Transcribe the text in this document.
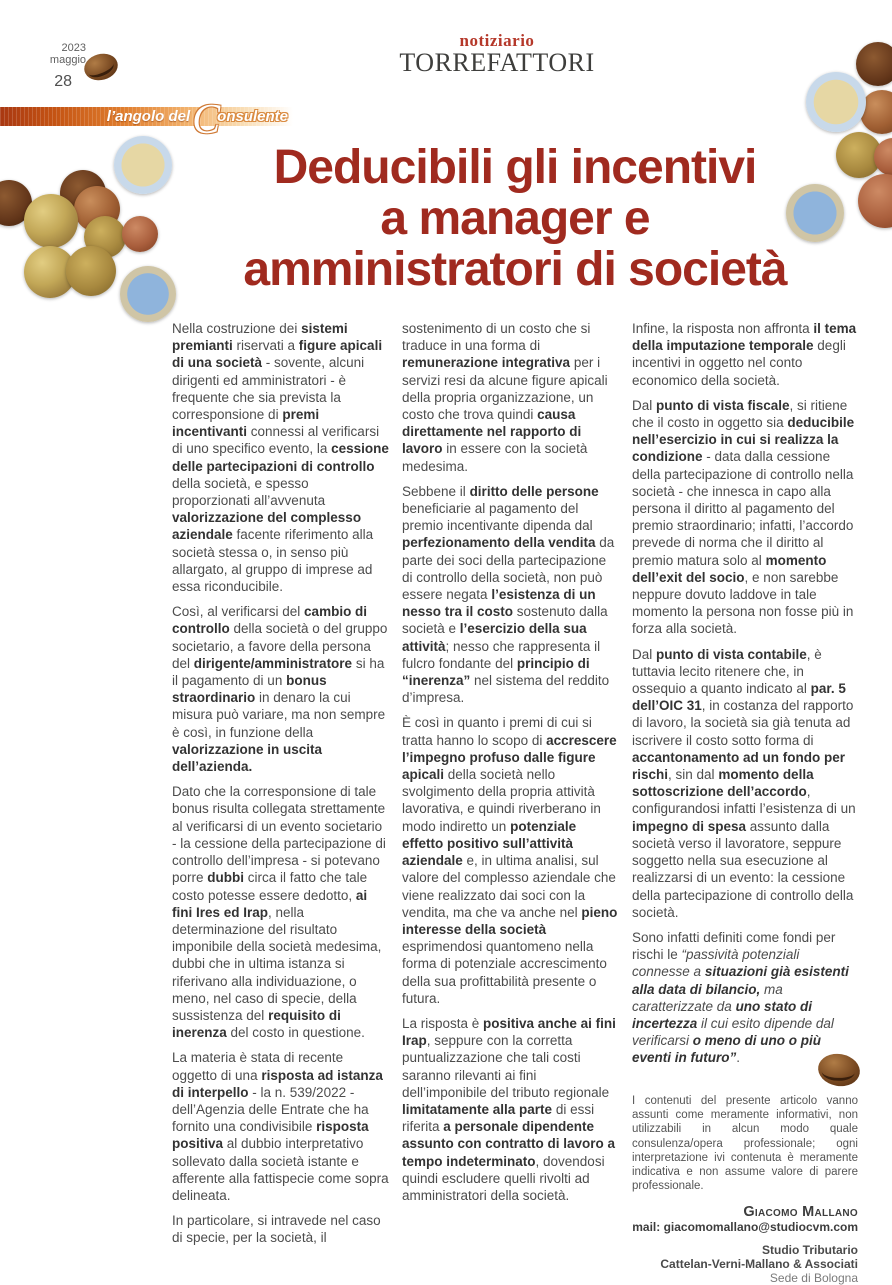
2023
maggio
28
notiziario
TORREFATTORI
l’angolo del C
onsulente
Deducibili gli incentivi
a manager e
amministratori di società

Nella costruzione dei sistemi premianti riservati a figure apicali di una società - sovente, alcuni dirigenti ed amministratori - è frequente che sia prevista la corresponsione di premi incentivanti connessi al verificarsi di uno specifico evento, la cessione delle partecipazioni di controllo della società, e spesso proporzionati all’avvenuta valorizzazione del complesso aziendale facente riferimento alla società stessa o, in senso più allargato, al gruppo di imprese ad essa riconducibile.

Così, al verificarsi del cambio di controllo della società o del gruppo societario, a favore della persona del dirigente/amministratore si ha il pagamento di un bonus straordinario in denaro la cui misura può variare, ma non sempre è così, in funzione della valorizzazione in uscita dell’azienda.

Dato che la corresponsione di tale bonus risulta collegata strettamente al verificarsi di un evento societario - la cessione della partecipazione di controllo dell’impresa - si potevano porre dubbi circa il fatto che tale costo potesse essere dedotto, ai fini Ires ed Irap, nella determinazione del risultato imponibile della società medesima, dubbi che in ultima istanza si riferivano alla individuazione, o meno, nel caso di specie, della sussistenza del requisito di inerenza del costo in questione.

La materia è stata di recente oggetto di una risposta ad istanza di interpello - la n. 539/2022 - dell’Agenzia delle Entrate che ha fornito una condivisibile risposta positiva al dubbio interpretativo sollevato dalla società istante e afferente alla fattispecie come sopra delineata.

In particolare, si intravede nel caso di specie, per la società, il

sostenimento di un costo che si traduce in una forma di remunerazione integrativa per i servizi resi da alcune figure apicali della propria organizzazione, un costo che trova quindi causa direttamente nel rapporto di lavoro in essere con la società medesima.

Sebbene il diritto delle persone beneficiarie al pagamento del premio incentivante dipenda dal perfezionamento della vendita da parte dei soci della partecipazione di controllo della società, non può essere negata l’esistenza di un nesso tra il costo sostenuto dalla società e l’esercizio della sua attività; nesso che rappresenta il fulcro fondante del principio di “inerenza” nel sistema del reddito d’impresa.

È così in quanto i premi di cui si tratta hanno lo scopo di accrescere l’impegno profuso dalle figure apicali della società nello svolgimento della propria attività lavorativa, e quindi riverberano in modo indiretto un potenziale effetto positivo sull’attività aziendale e, in ultima analisi, sul valore del complesso aziendale che viene realizzato dai soci con la vendita, ma che va anche nel pieno interesse della società esprimendosi quantomeno nella forma di potenziale accrescimento della sua profittabilità presente o futura.

La risposta è positiva anche ai fini Irap, seppure con la corretta puntualizzazione che tali costi saranno rilevanti ai fini dell’imponibile del tributo regionale limitatamente alla parte di essi riferita a personale dipendente assunto con contratto di lavoro a tempo indeterminato, dovendosi quindi escludere quelli rivolti ad amministratori della società.

Infine, la risposta non affronta il tema della imputazione temporale degli incentivi in oggetto nel conto economico della società.

Dal punto di vista fiscale, si ritiene che il costo in oggetto sia deducibile nell’esercizio in cui si realizza la condizione - data dalla cessione della partecipazione di controllo nella società - che innesca in capo alla persona il diritto al pagamento del premio straordinario; infatti, l’accordo prevede di norma che il diritto al premio matura solo al momento dell’exit del socio, e non sarebbe neppure dovuto laddove in tale momento la persona non fosse più in forza alla società.

Dal punto di vista contabile, è tuttavia lecito ritenere che, in ossequio a quanto indicato al par. 5 dell’OIC 31, in costanza del rapporto di lavoro, la società sia già tenuta ad iscrivere il costo sotto forma di accantonamento ad un fondo per rischi, sin dal momento della sottoscrizione dell’accordo, configurandosi infatti l’esistenza di un impegno di spesa assunto dalla società verso il lavoratore, seppure soggetto nella sua esecuzione al realizzarsi di un evento: la cessione della partecipazione di controllo della società.

Sono infatti definiti come fondi per rischi le “passività potenziali connesse a situazioni già esistenti alla data di bilancio, ma caratterizzate da uno stato di incertezza il cui esito dipende dal verificarsi o meno di uno o più eventi in futuro”.

I contenuti del presente articolo vanno assunti come meramente informativi, non utilizzabili in alcun modo quale consulenza/opera professionale; ogni interpretazione ivi contenuta è meramente indicativa e non assume valore di parere professionale.

Giacomo Mallano
mail: giacomomallano@studiocvm.com
Studio Tributario
Cattelan-Verni-Mallano & Associati
Sede di Bologna
